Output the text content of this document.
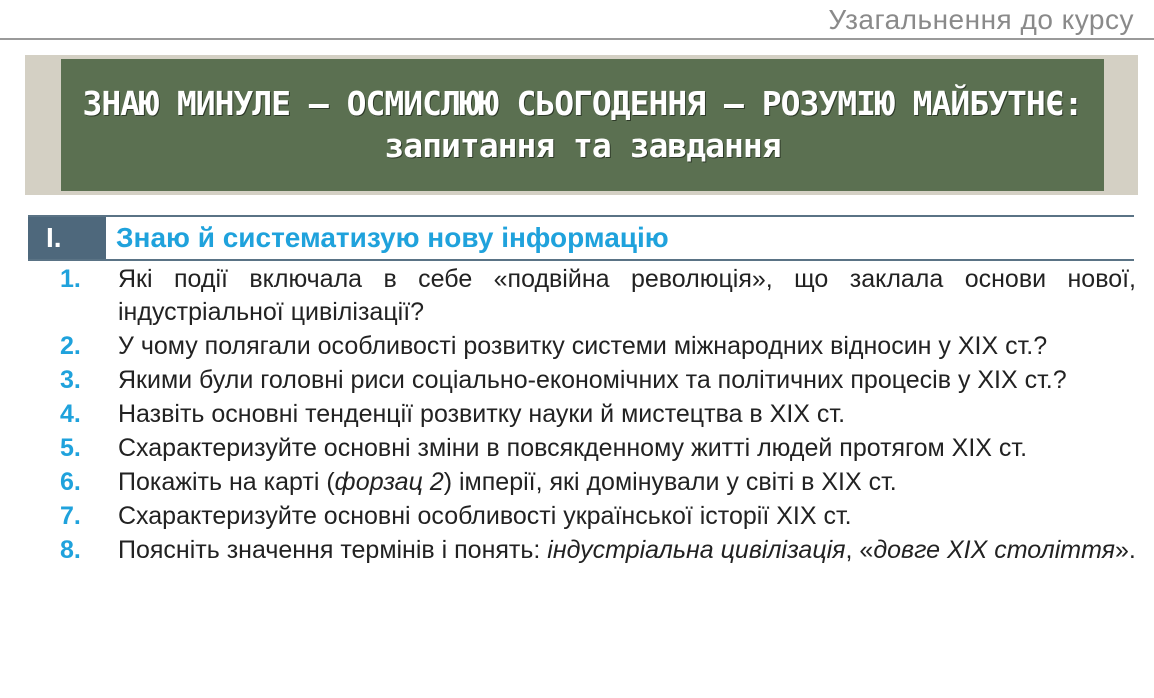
Узагальнення до курсу
ЗНАЮ МИНУЛЕ – ОСМИСЛЮЮ СЬОГОДЕННЯ – РОЗУМІЮ МАЙБУТНЄ:
запитання та завдання
I.	Знаю й систематизую нову інформацію
1.	Які події включала в себе «подвійна революція», що заклала основи нової, індустріальної цивілізації?
2.	У чому полягали особливості розвитку системи міжнародних відносин у XIX ст.?
3.	Якими були головні риси соціально-економічних та політичних процесів у XIX ст.?
4.	Назвіть основні тенденції розвитку науки й мистецтва в XIX ст.
5.	Схарактеризуйте основні зміни в повсякденному житті людей протягом XIX ст.
6.	Покажіть на карті (форзац 2) імперії, які домінували у світі в XIX ст.
7.	Схарактеризуйте основні особливості української історії XIX ст.
8.	Поясніть значення термінів і понять: індустріальна цивілізація, «довге XIX століття».
